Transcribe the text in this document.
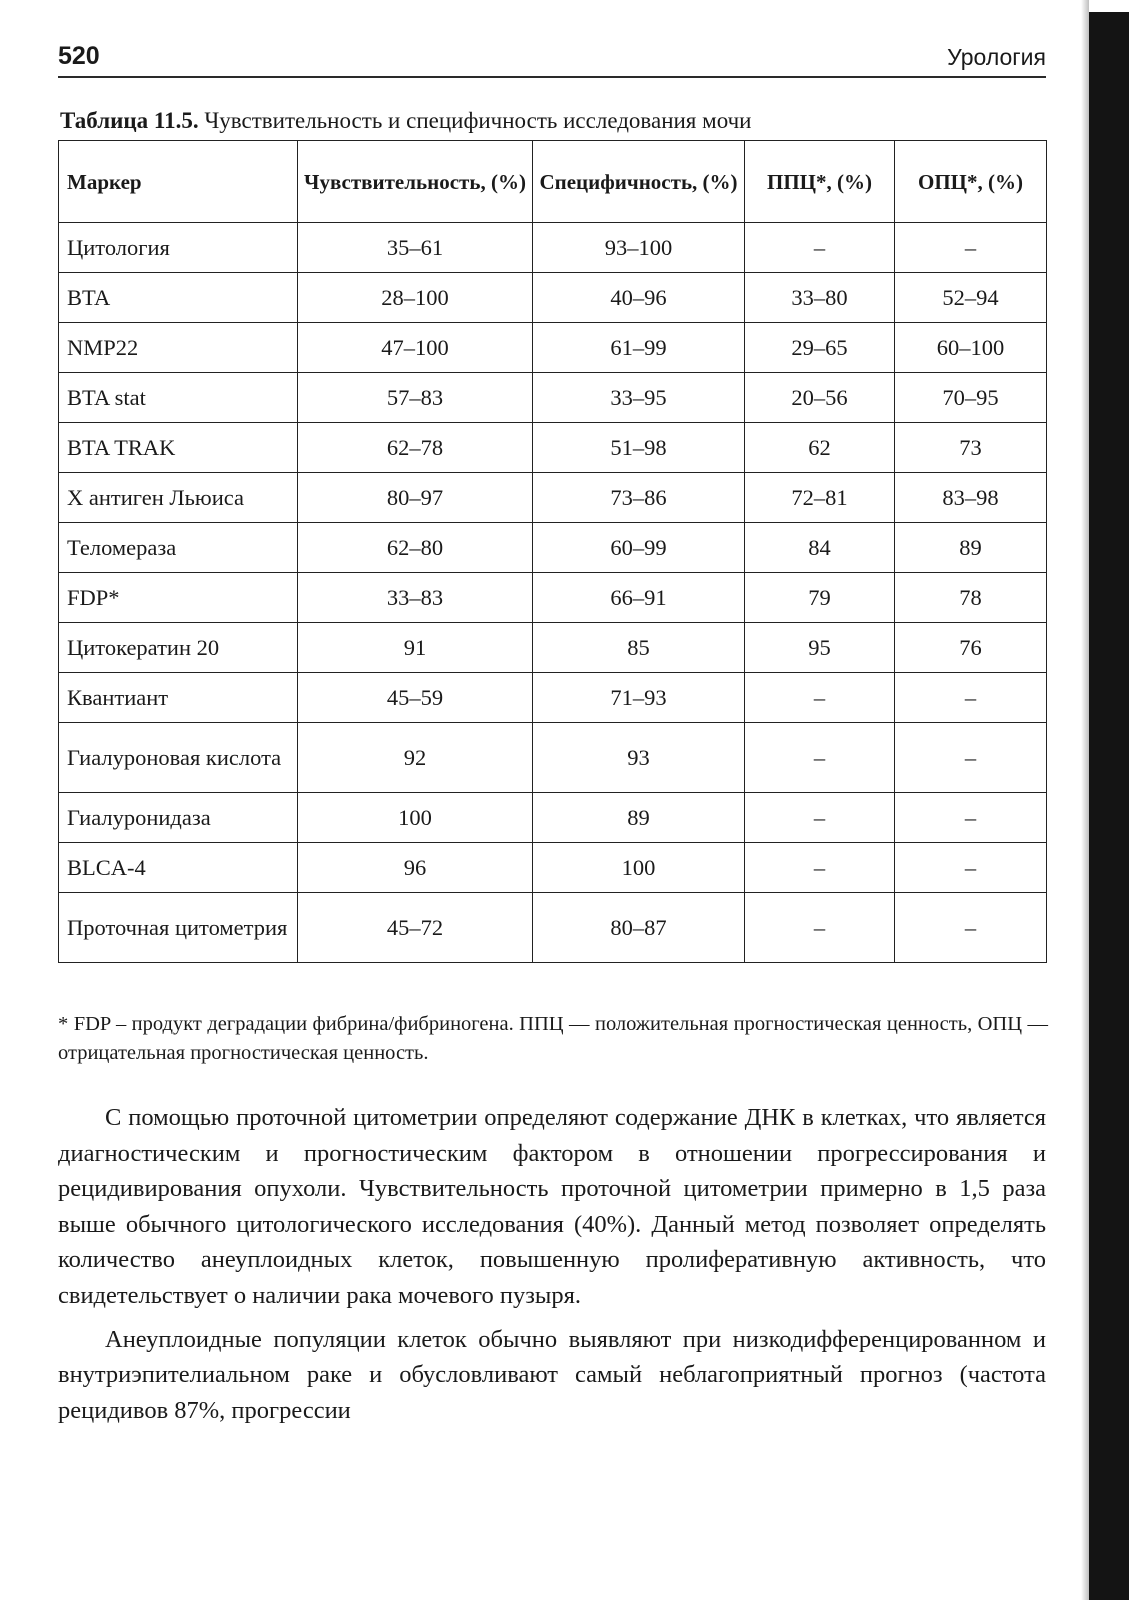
520	Урология
Таблица 11.5. Чувствительность и специфичность исследования мочи
Маркер	Чувствительность, (%)	Специфичность, (%)	ППЦ*, (%)	ОПЦ*, (%)
Цитология	35–61	93–100	–	–
BTA	28–100	40–96	33–80	52–94
NMP22	47–100	61–99	29–65	60–100
BTA stat	57–83	33–95	20–56	70–95
BTA TRAK	62–78	51–98	62	73
Х антиген Льюиса	80–97	73–86	72–81	83–98
Теломераза	62–80	60–99	84	89
FDP*	33–83	66–91	79	78
Цитокератин 20	91	85	95	76
Квантиант	45–59	71–93	–	–
Гиалуроновая кислота	92	93	–	–
Гиалуронидаза	100	89	–	–
BLCA-4	96	100	–	–
Проточная цитометрия	45–72	80–87	–	–
* FDP – продукт деградации фибрина/фибриногена. ППЦ — положительная прогностическая ценность, ОПЦ — отрицательная прогностическая ценность.

С помощью проточной цитометрии определяют содержание ДНК в клетках, что является диагностическим и прогностическим фактором в отношении прогрессирования и рецидивирования опухоли. Чувствительность проточной цитометрии примерно в 1,5 раза выше обычного цитологического исследования (40%). Данный метод позволяет определять количество анеуплоидных клеток, повышенную пролиферативную активность, что свидетельствует о наличии рака мочевого пузыря.

Анеуплоидные популяции клеток обычно выявляют при низкодифференцированном и внутриэпителиальном раке и обусловливают самый неблагоприятный прогноз (частота рецидивов 87%, прогрессии
